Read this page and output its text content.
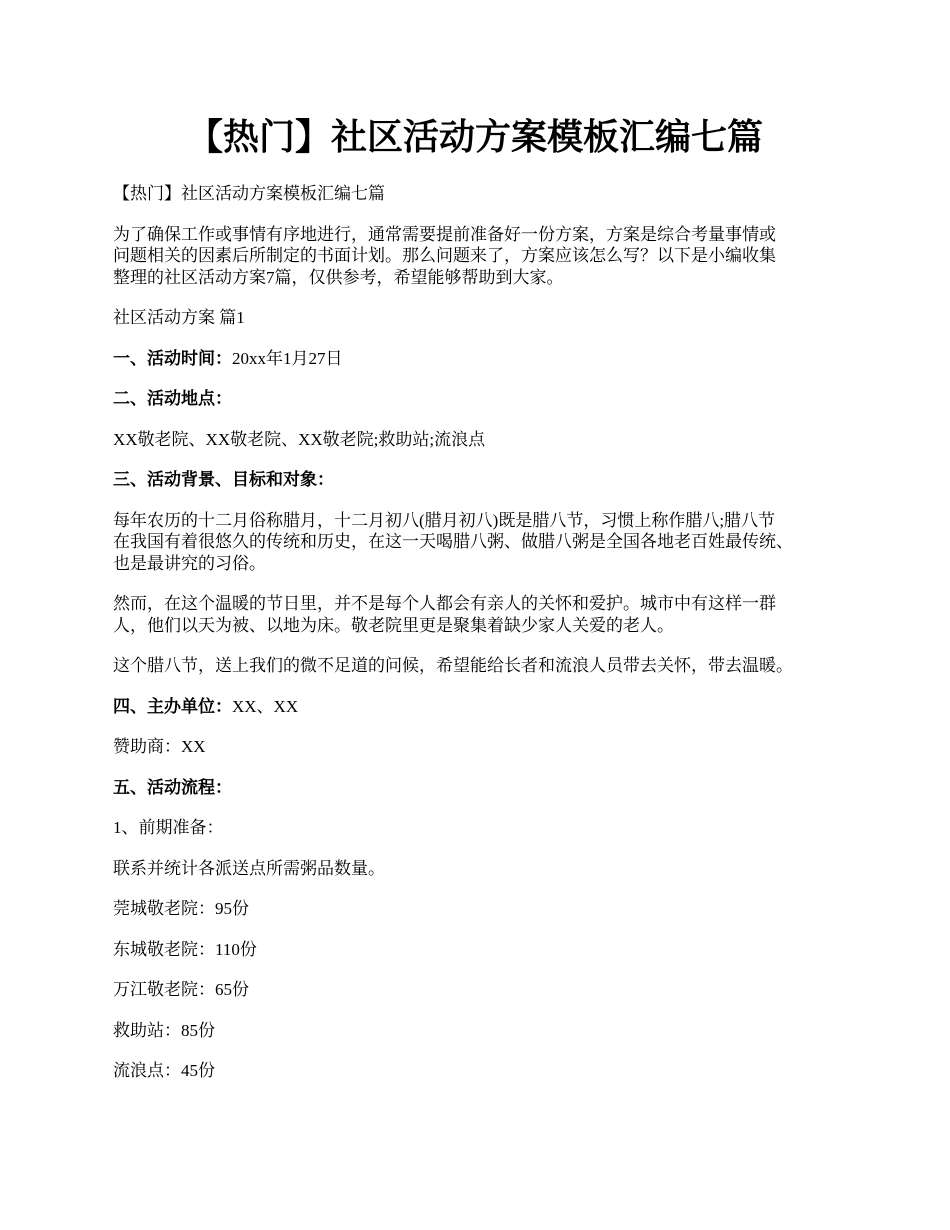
【热门】社区活动方案模板汇编七篇

【热门】社区活动方案模板汇编七篇

为了确保工作或事情有序地进行，通常需要提前准备好一份方案，方案是综合考量事情或

问题相关的因素后所制定的书面计划。那么问题来了，方案应该怎么写？以下是小编收集

整理的社区活动方案7篇，仅供参考，希望能够帮助到大家。

社区活动方案 篇1

一、活动时间：20xx年1月27日

二、活动地点：

XX敬老院、XX敬老院、XX敬老院;救助站;流浪点

三、活动背景、目标和对象：

每年农历的十二月俗称腊月，十二月初八(腊月初八)既是腊八节，习惯上称作腊八;腊八节

在我国有着很悠久的传统和历史，在这一天喝腊八粥、做腊八粥是全国各地老百姓最传统、

也是最讲究的习俗。

然而，在这个温暖的节日里，并不是每个人都会有亲人的关怀和爱护。城市中有这样一群

人，他们以天为被、以地为床。敬老院里更是聚集着缺少家人关爱的老人。

这个腊八节，送上我们的微不足道的问候，希望能给长者和流浪人员带去关怀，带去温暖。

四、主办单位：XX、XX

赞助商：XX

五、活动流程：

1、前期准备：

联系并统计各派送点所需粥品数量。

莞城敬老院：95份

东城敬老院：110份

万江敬老院：65份

救助站：85份

流浪点：45份
